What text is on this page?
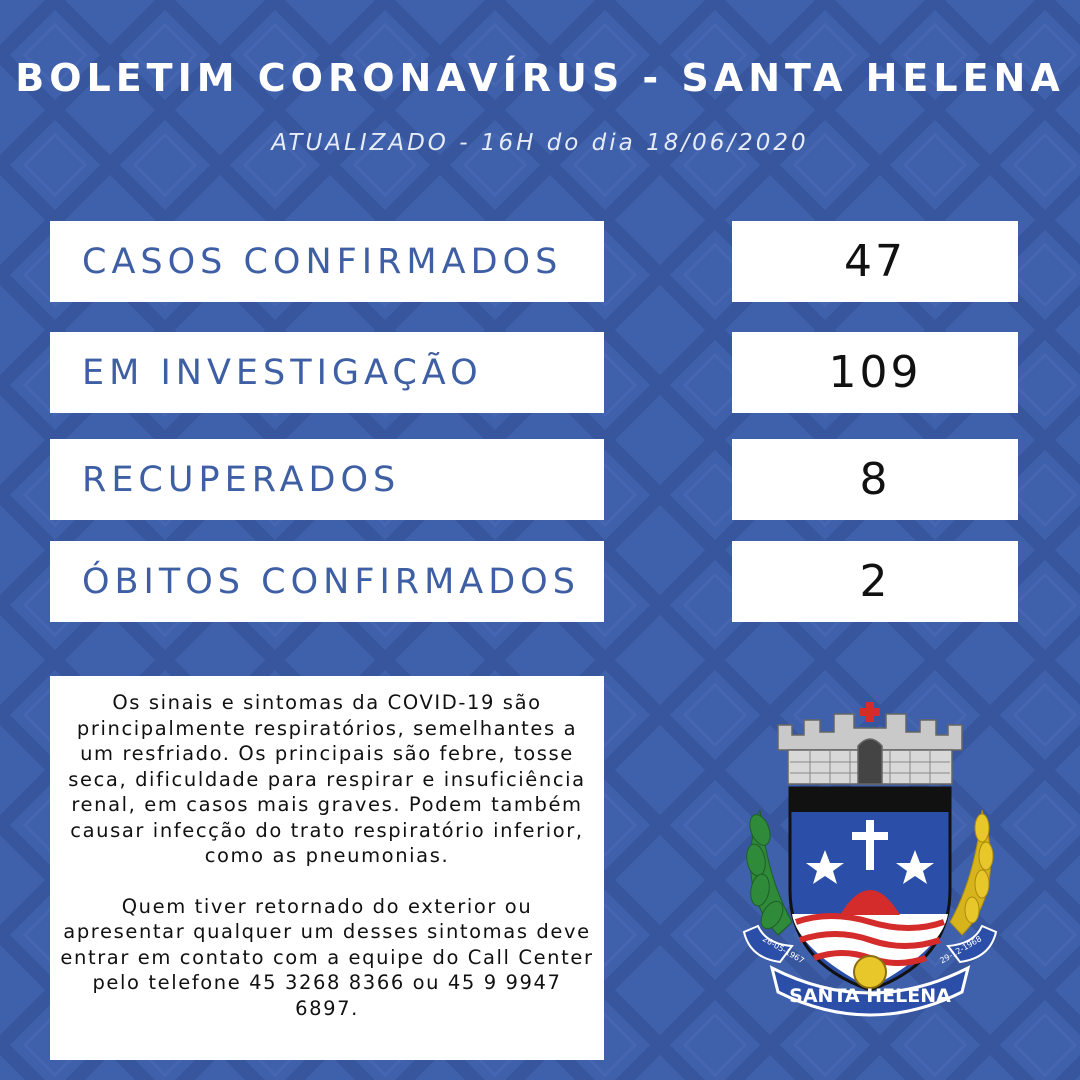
BOLETIM CORONAVÍRUS - SANTA HELENA
ATUALIZADO - 16H do dia 18/06/2020
CASOS CONFIRMADOS	47
EM INVESTIGAÇÃO	109
RECUPERADOS	8
ÓBITOS CONFIRMADOS	2

Os sinais e sintomas da COVID-19 são principalmente respiratórios, semelhantes a um resfriado. Os principais são febre, tosse seca, dificuldade para respirar e insuficiência renal, em casos mais graves. Podem também causar infecção do trato respiratório inferior, como as pneumonias.

Quem tiver retornado do exterior ou apresentar qualquer um desses sintomas deve entrar em contato com a equipe do Call Center pelo telefone 45 3268 8366 ou 45 9 9947 6897.

SANTA HELENA
26-05-1967	29-12-1968
